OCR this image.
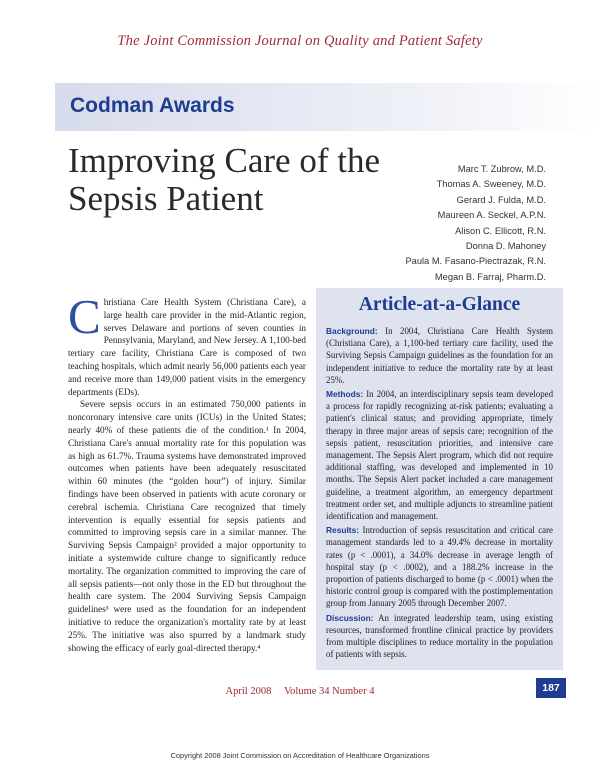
The Joint Commission Journal on Quality and Patient Safety
Codman Awards
Improving Care of the Sepsis Patient
Marc T. Zubrow, M.D.
Thomas A. Sweeney, M.D.
Gerard J. Fulda, M.D.
Maureen A. Seckel, A.P.N.
Alison C. Ellicott, R.N.
Donna D. Mahoney
Paula M. Fasano-Piectrazak, R.N.
Megan B. Farraj, Pharm.D.

Christiana Care Health System (Christiana Care), a large health care provider in the mid-Atlantic region, serves Delaware and portions of seven counties in Pennsylvania, Maryland, and New Jersey. A 1,100-bed tertiary care facility, Christiana Care is composed of two teaching hospitals, which admit nearly 56,000 patients each year and receive more than 149,000 patient visits in the emergency departments (EDs).

Severe sepsis occurs in an estimated 750,000 patients in noncoronary intensive care units (ICUs) in the United States; nearly 40% of these patients die of the condition.¹ In 2004, Christiana Care's annual mortality rate for this population was as high as 61.7%. Trauma systems have demonstrated improved outcomes when patients have been adequately resuscitated within 60 minutes (the “golden hour”) of injury. Similar findings have been observed in patients with acute coronary or cerebral ischemia. Christiana Care recognized that timely intervention is equally essential for sepsis patients and committed to improving sepsis care in a similar manner. The Surviving Sepsis Campaign² provided a major opportunity to initiate a systemwide culture change to significantly reduce mortality. The organization committed to improving the care of all sepsis patients—not only those in the ED but throughout the health care system. The 2004 Surviving Sepsis Campaign guidelines³ were used as the foundation for an independent initiative to reduce the organization's mortality rate by at least 25%. The initiative was also spurred by a landmark study showing the efficacy of early goal-directed therapy.⁴

Article-at-a-Glance

Background: In 2004, Christiana Care Health System (Christiana Care), a 1,100-bed tertiary care facility, used the Surviving Sepsis Campaign guidelines as the foundation for an independent initiative to reduce the mortality rate by at least 25%.

Methods: In 2004, an interdisciplinary sepsis team developed a process for rapidly recognizing at-risk patients; evaluating a patient's clinical status; and providing appropriate, timely therapy in three major areas of sepsis care; recognition of the sepsis patient, resuscitation priorities, and intensive care management. The Sepsis Alert program, which did not require additional staffing, was developed and implemented in 10 months. The Sepsis Alert packet included a care management guideline, a treatment algorithm, an emergency department treatment order set, and multiple adjuncts to streamline patient identification and management.

Results: Introduction of sepsis resuscitation and critical care management standards led to a 49.4% decrease in mortality rates (p < .0001), a 34.0% decrease in average length of hospital stay (p < .0002), and a 188.2% increase in the proportion of patients discharged to home (p < .0001) when the historic control group is compared with the postimplementation group from January 2005 through December 2007.

Discussion: An integrated leadership team, using existing resources, transformed frontline clinical practice by providers from multiple disciplines to reduce mortality in the population of patients with sepsis.

April 2008 Volume 34 Number 4	187
Copyright 2008 Joint Commission on Accreditation of Healthcare Organizations
